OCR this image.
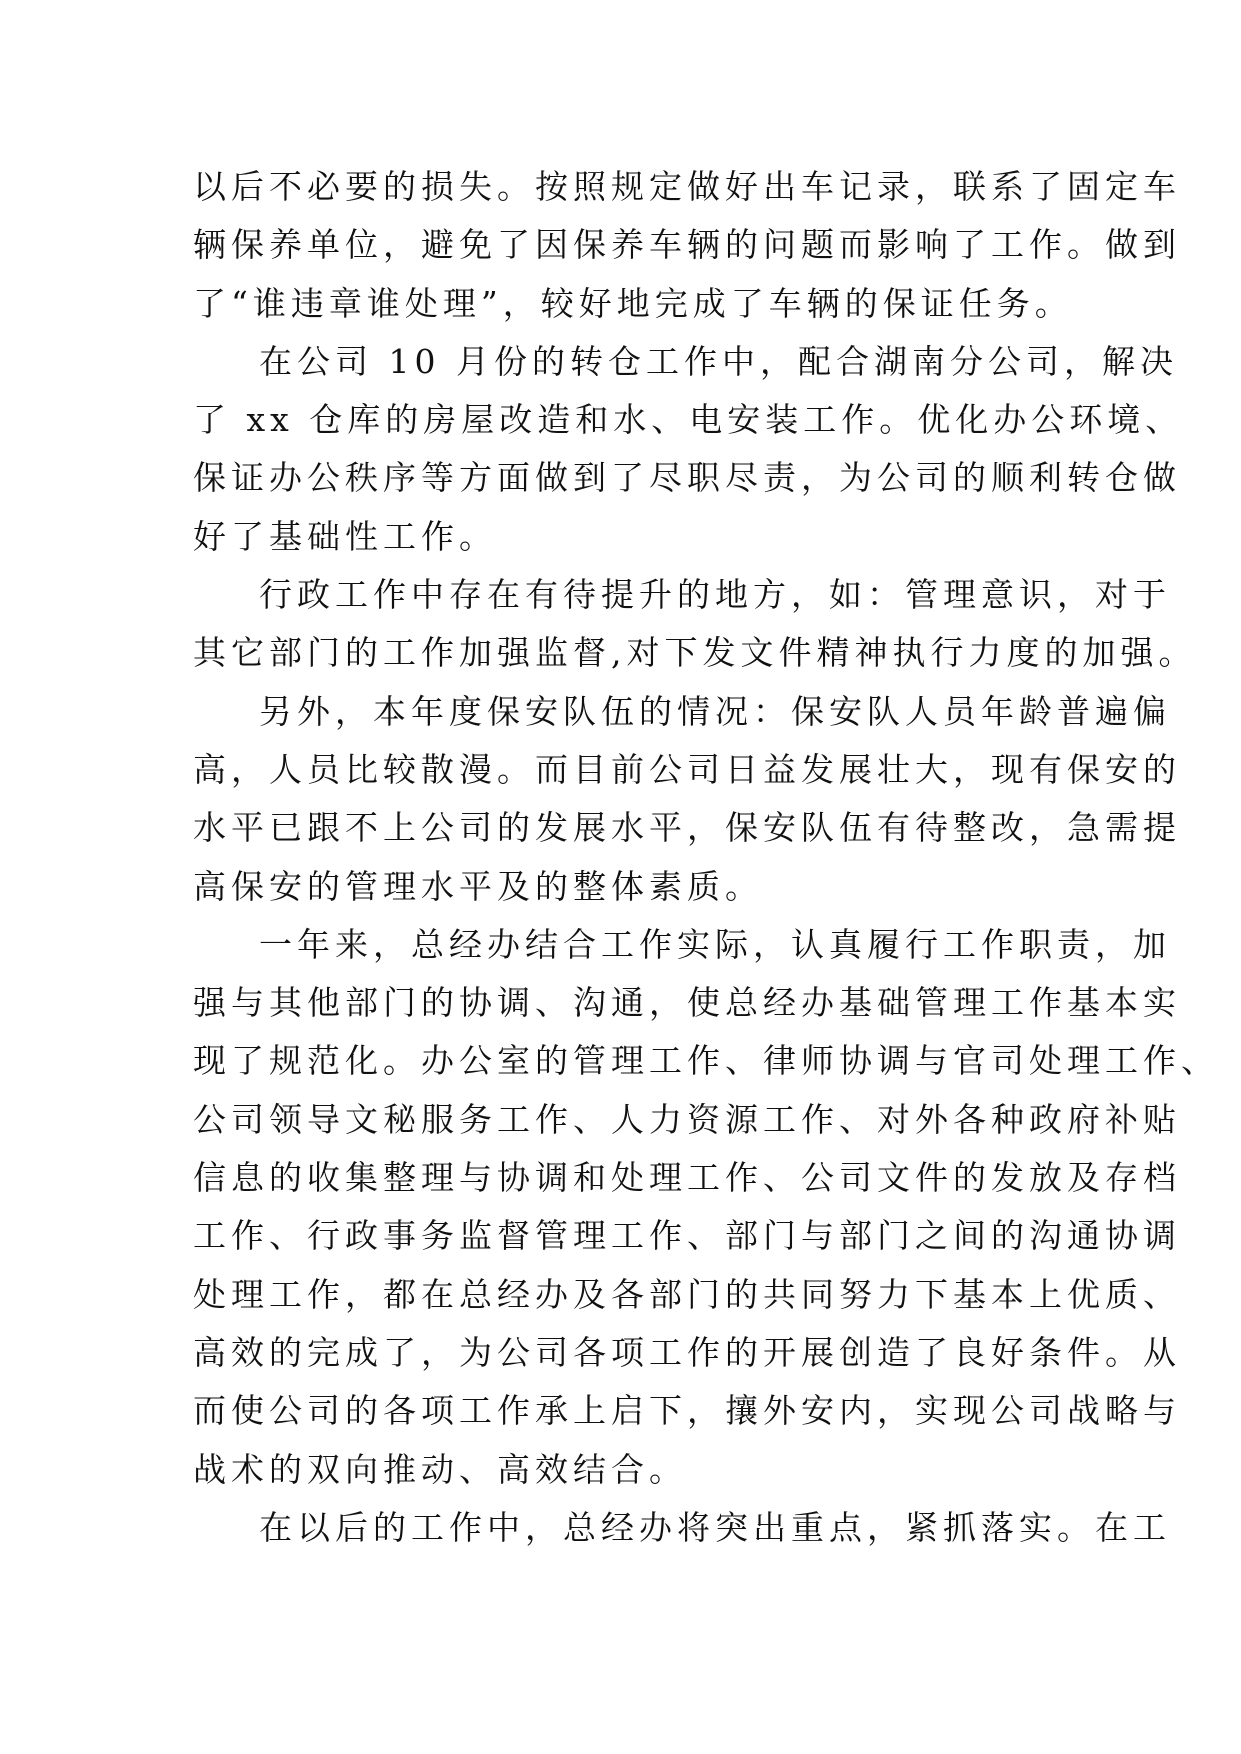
以后不必要的损失。按照规定做好出车记录，联系了固定车
辆保养单位，避免了因保养车辆的问题而影响了工作。做到
了“谁违章谁处理”，较好地完成了车辆的保证任务。

在公司 10 月份的转仓工作中，配合湖南分公司，解决
了 xx 仓库的房屋改造和水、电安装工作。优化办公环境、
保证办公秩序等方面做到了尽职尽责，为公司的顺利转仓做
好了基础性工作。

行政工作中存在有待提升的地方，如：管理意识，对于
其它部门的工作加强监督,对下发文件精神执行力度的加强。

另外，本年度保安队伍的情况：保安队人员年龄普遍偏
高，人员比较散漫。而目前公司日益发展壮大，现有保安的
水平已跟不上公司的发展水平，保安队伍有待整改，急需提
高保安的管理水平及的整体素质。

一年来，总经办结合工作实际，认真履行工作职责，加
强与其他部门的协调、沟通，使总经办基础管理工作基本实
现了规范化。办公室的管理工作、律师协调与官司处理工作、
公司领导文秘服务工作、人力资源工作、对外各种政府补贴
信息的收集整理与协调和处理工作、公司文件的发放及存档
工作、行政事务监督管理工作、部门与部门之间的沟通协调
处理工作，都在总经办及各部门的共同努力下基本上优质、
高效的完成了，为公司各项工作的开展创造了良好条件。从
而使公司的各项工作承上启下，攘外安内，实现公司战略与
战术的双向推动、高效结合。

在以后的工作中，总经办将突出重点，紧抓落实。在工
